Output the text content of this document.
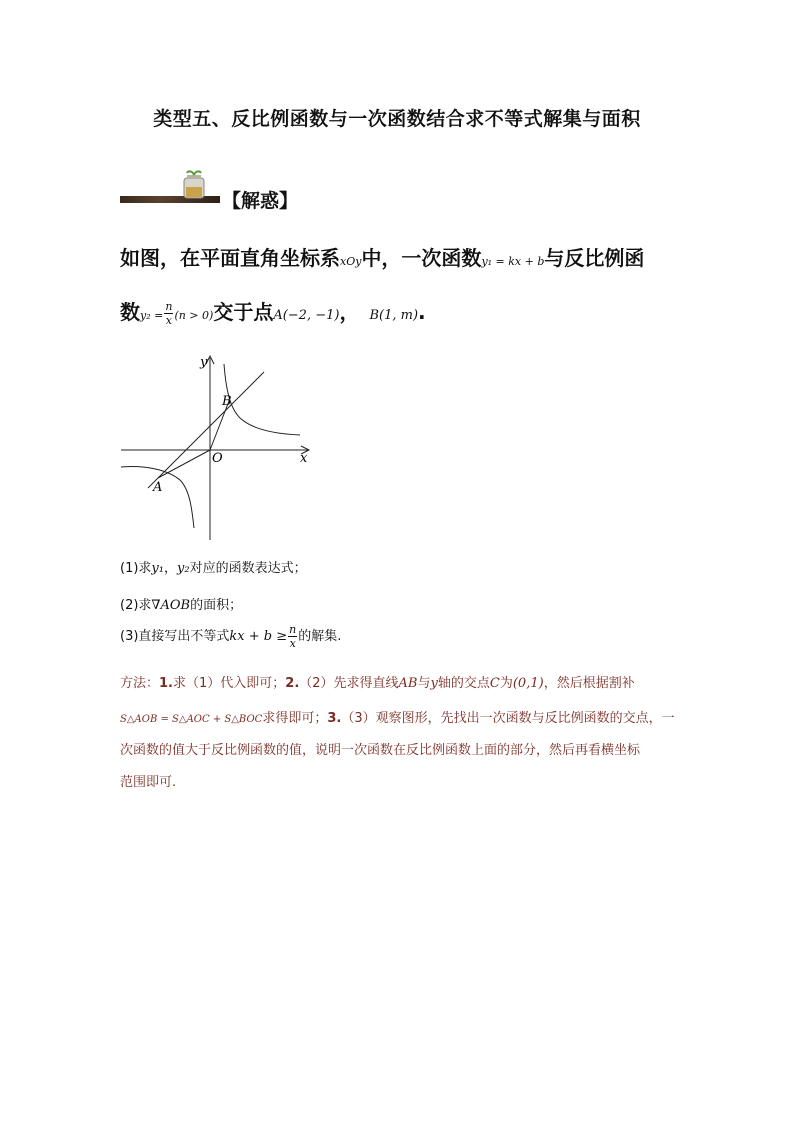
类型五、反比例函数与一次函数结合求不等式解集与面积
【解惑】
如图，在平面直角坐标系xOy中，一次函数y₁ = kx + b与反比例函
数$y_2 = \frac{n}{x} (n > 0)$交于点A(−2, −1)， B(1, m).
y
x
O
A
B
(1)求y₁，y₂对应的函数表达式；
(2)求∇AOB的面积；
(3)直接写出不等式kx + $b \ge \frac{n}{x}$ 的解集.
方法：1.求（1）代入即可；2.（2）先求得直线AB与y轴的交点C为(0,1)，然后根据割补
S△AOB = S△AOC + S△BOC求得即可；3.（3）观察图形，先找出一次函数与反比例函数的交点，一
次函数的值大于反比例函数的值，说明一次函数在反比例函数上面的部分，然后再看横坐标
范围即可.
